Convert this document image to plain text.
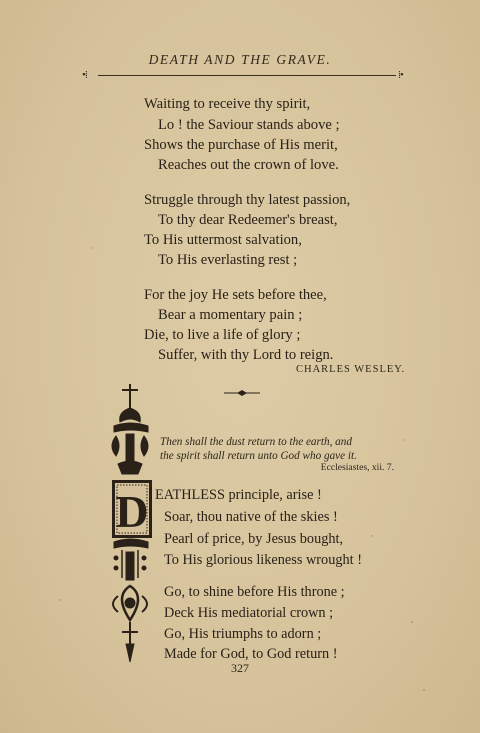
DEATH AND THE GRAVE.
•⁞	⁞•
Waiting to receive thy spirit,
Lo ! the Saviour stands above ;
Shows the purchase of His merit,
Reaches out the crown of love.
Struggle through thy latest passion,
To thy dear Redeemer's breast,
To His uttermost salvation,
To His everlasting rest ;
For the joy He sets before thee,
Bear a momentary pain ;
Die, to live a life of glory ;
Suffer, with thy Lord to reign.
CHARLES WESLEY.
D
Then shall the dust return to the earth, and
the spirit shall return unto God who gave it.
Ecclesiastes, xii. 7.
EATHLESS principle, arise !
Soar, thou native of the skies !
Pearl of price, by Jesus bought,
To His glorious likeness wrought !
Go, to shine before His throne ;
Deck His mediatorial crown ;
Go, His triumphs to adorn ;
Made for God, to God return !
327
